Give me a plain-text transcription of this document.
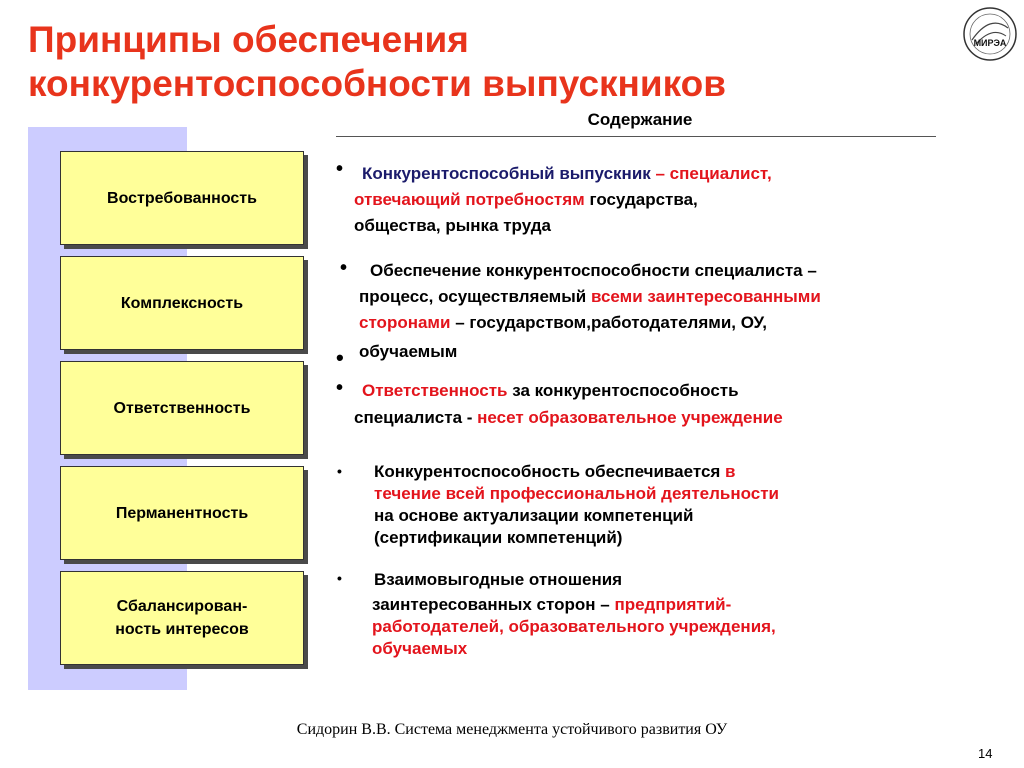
Принципы обеспечения
конкурентоспособности выпускников
МИРЭА
Содержание
Востребованность
Комплексность
Ответственность
Перманентность
Сбалансирован-
ность интересов
• Конкурентоспособный выпускник – специалист,
отвечающий потребностям государства,
общества, рынка труда
• Обеспечение конкурентоспособности специалиста –
процесс, осуществляемый всеми заинтересованными
сторонами – государством,работодателями, ОУ,
• обучаемым
• Ответственность за конкурентоспособность
специалиста - несет образовательное учреждение
• Конкурентоспособность обеспечивается в
течение всей профессиональной деятельности
на основе актуализации компетенций
(сертификации компетенций)
• Взаимовыгодные отношения
заинтересованных сторон – предприятий-
работодателей, образовательного учреждения,
обучаемых
Сидорин В.В. Система менеджмента устойчивого развития ОУ
14
